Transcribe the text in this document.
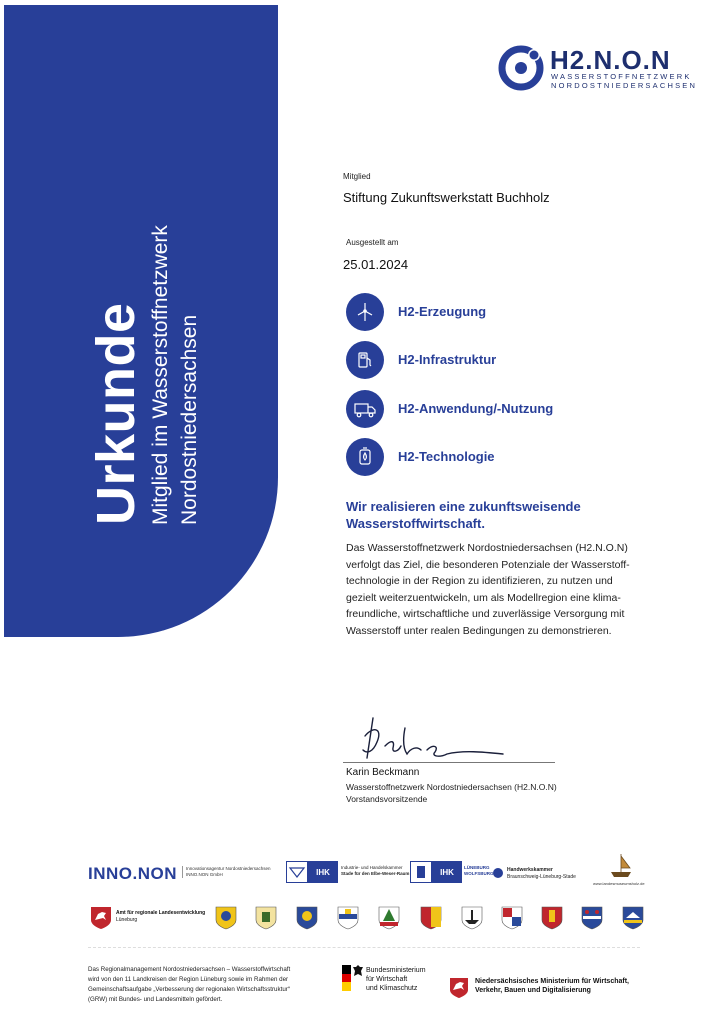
Urkunde Mitglied im Wasserstoffnetzwerk Nordostniedersachsen
H2.N.O.N
WASSERSTOFFNETZWERK
NORDOSTNIEDERSACHSEN
Mitglied
Stiftung Zukunftswerkstatt Buchholz
Ausgestellt am
25.01.2024
H2-Erzeugung
H2-Infrastruktur
H2-Anwendung/-Nutzung
H2-Technologie
Wir realisieren eine zukunftsweisende
Wasserstoffwirtschaft.
Das Wasserstoffnetzwerk Nordostniedersachsen (H2.N.O.N)
verfolgt das Ziel, die besonderen Potenziale der Wasserstoff-
technologie in der Region zu identifizieren, zu nutzen und
gezielt weiterzuentwickeln, um als Modellregion eine klima-
freundliche, wirtschaftliche und zuverlässige Versorgung mit
Wasserstoff unter realen Bedingungen zu demonstrieren.
Karin Beckmann
Wasserstoffnetzwerk Nordostniedersachsen (H2.N.O.N)
Vorstandsvorsitzende
INNO.NON Innovationsagentur Nordostniedersachsen
INNO.NON GmbH	IHK	Industrie- und Handelskammer
Stade für den Elbe-Weser-Raum	IHK	LÜNEBURG
WOLFSBURG
Handwerkskammer
Braunschweig-Lüneburg-Stade
www.landesmuseumsholz.de
Amt für regionale Landesentwicklung
Lüneburg
Das Regionalmanagement Nordostniedersachsen – Wasserstoffwirtschaft
wird von den 11 Landkreisen der Region Lüneburg sowie im Rahmen der
Gemeinschaftsaufgabe „Verbesserung der regionalen Wirtschaftsstruktur“
(GRW) mit Bundes- und Landesmitteln gefördert.
Bundesministerium
für Wirtschaft
und Klimaschutz
Niedersächsisches Ministerium für Wirtschaft,
Verkehr, Bauen und Digitalisierung
